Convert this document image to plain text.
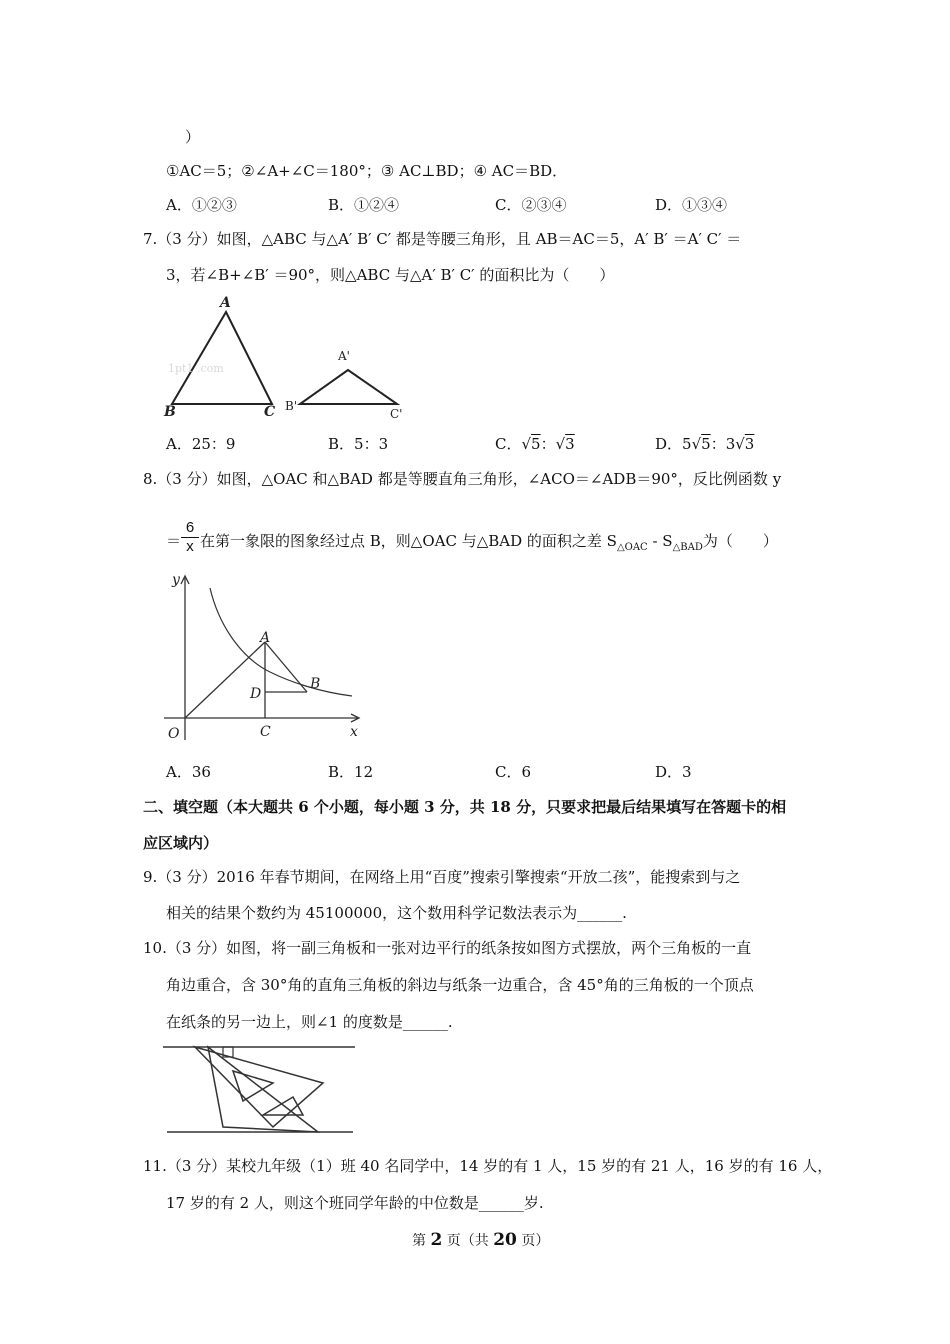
）
①AC＝5；②∠A+∠C＝180°；③ AC⊥BD；④ AC＝BD．
A．①②③	B．①②④	C．②③④	D．①③④
7.（3 分）如图，△ABC 与△A′ B′ C′ 都是等腰三角形，且 AB＝AC＝5，A′ B′ ＝A′ C′ ＝
3，若∠B+∠B′ ＝90°，则△ABC 与△A′ B′ C′ 的面积比为（　　）
A
B	C
A'
B'
C'
1pt1 .com
A．25：9	B．5：3	C．√5：√3	D．5√5：3√3
8.（3 分）如图，△OAC 和△BAD 都是等腰直角三角形，∠ACO＝∠ADB＝90°，反比例函数 y
＝ $\frac{6}{x}$ 在第一象限的图象经过点 B，则△OAC 与△BAD 的面积之差 $S_{\triangle OAC} - S_{\triangle BAD}$为（　　）
y
x
O
A
B
C
D
A．36	B．12	C．6	D．3
二、填空题（本大题共 6 个小题，每小题 3 分，共 18 分，只要求把最后结果填写在答题卡的相
应区域内）
9.（3 分）2016 年春节期间，在网络上用“百度”搜索引擎搜索“开放二孩”，能搜索到与之
相关的结果个数约为 45100000，这个数用科学记数法表示为______.
10.（3 分）如图，将一副三角板和一张对边平行的纸条按如图方式摆放，两个三角板的一直
角边重合，含 30°角的直角三角板的斜边与纸条一边重合，含 45°角的三角板的一个顶点
在纸条的另一边上，则∠1 的度数是______.
11.（3 分）某校九年级（1）班 40 名同学中，14 岁的有 1 人，15 岁的有 21 人，16 岁的有 16 人，
17 岁的有 2 人，则这个班同学年龄的中位数是______岁.
第 2 页（共 20 页）
